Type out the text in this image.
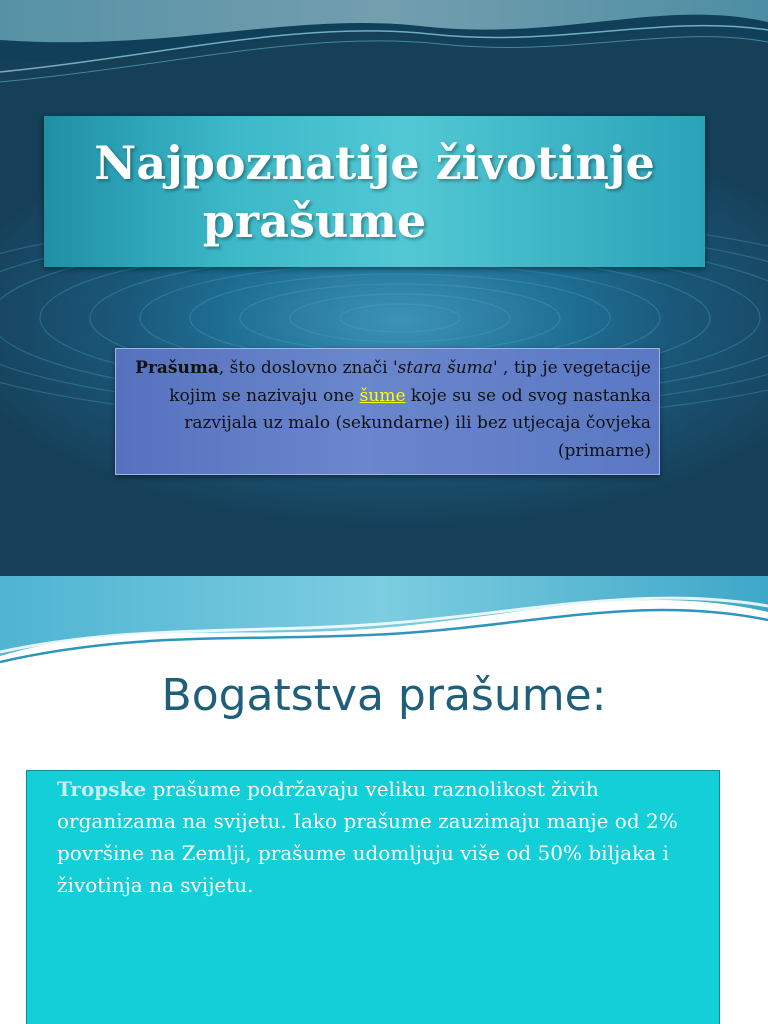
Najpoznatije životinje

prašume
Prašuma, što doslovno znači 'stara šuma' , tip je vegetacije kojim se nazivaju one šume koje su se od svog nastanka razvijala uz malo (sekundarne) ili bez utjecaja čovjeka (primarne)
Bogatstva prašume:
Tropske prašume podržavaju veliku raznolikost živih organizama na svijetu. Iako prašume zauzimaju manje od 2% površine na Zemlji, prašume udomljuju više od 50% biljaka i životinja na svijetu.
